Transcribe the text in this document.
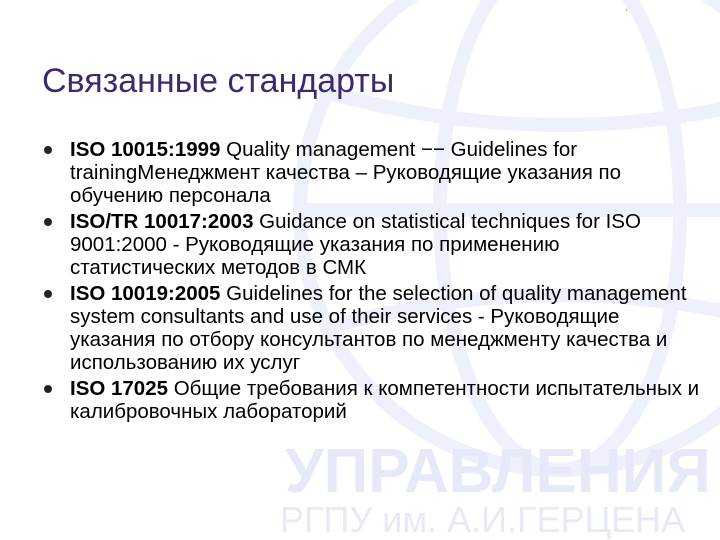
УПРАВЛЕНИЯ
РГПУ им. А.И.ГЕРЦЕНА
'
Связанные стандарты
ISO 10015:1999 Quality management −− Guidelines for trainingМенеджмент качества – Руководящие указания по обучению персонала
ISO/TR 10017:2003 Guidance on statistical techniques for ISO 9001:2000 - Руководящие указания по применению статистических методов в СМК
ISO 10019:2005 Guidelines for the selection of quality management system consultants and use of their services - Руководящие указания по отбору консультантов по менеджменту качества и использованию их услуг
ISO 17025 Общие требования к компетентности испытательных и калибровочных лабораторий
